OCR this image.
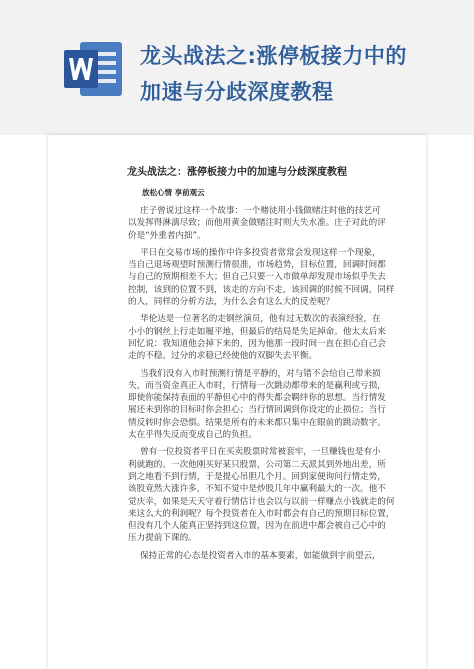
龙头战法之:涨停板接力中的
加速与分歧深度教程
龙头战法之：涨停板接力中的加速与分歧深度教程
放松心情 享前观云
庄子曾说过这样一个故事：一个赌徒用小钱做赌注时他的技艺可
以发挥得淋漓尽致；而他用黄金做赌注时则大失水准。庄子对此的评
价是“外重者内拙”。
平日在交易市场的操作中许多投资者常常会发现这样一个现象，
当自己退场观望时预测行情很准，市场趋势，目标位置，回调时间都
与自己的预期相差不大；但自己只要一入市做单却发现市场似乎失去
控制，该到的位置不到，该走的方向不走，该回调的时候不回调，同样
的人，同样的分析方法，为什么会有这么大的反差呢？
华伦达是一位著名的走钢丝演员，他有过无数次的表演经验，在
小小的钢丝上行走如履平地，但最后的结局是失足掉命。他太太后来
回忆说：我知道他会掉下来的，因为他那一段时间一直在担心自己会
走的不稳。过分的求稳已经使他的双脚失去平衡。
当我们没有入市时预测行情是平静的，对与错不会给自己带来损
失，而当资金真正入市时，行情每一次跳动都带来的是赢利或亏损，
即使你能保持表面的平静但心中的得失都会羁绊你的思想。当行情发
展还未到你的目标时你会担心；当行情回调到你设定的止损位；当行
情反转时你会恐惧。结果是所有的未来都只集中在眼前的跳动数字。
太在乎得失反而变成自己的负担。
曾有一位投资者平日在买卖股票时常被套牢，一旦赚钱也是有小
利就跑的。一次他刚买好某只股票，公司第二天派其到外地出差，所
到之地看不到行情，于是提心吊胆几个月。回到家便询问行情走势，
该股竟然大涨许多，不知不觉中是炒股几年中赢利最大的一次。他不
觉庆幸，如果是天天守着行情估计也会以与以前一样赚点小钱就走的何
来这么大的利润呢？每个投资者在入市时都会有自己的预期目标位置，
但没有几个人能真正坚持到这位置，因为在前进中都会被自己心中的
压力提前下课的。
保持正常的心态是投资者入市的基本要素，如能做到宇前望云，
